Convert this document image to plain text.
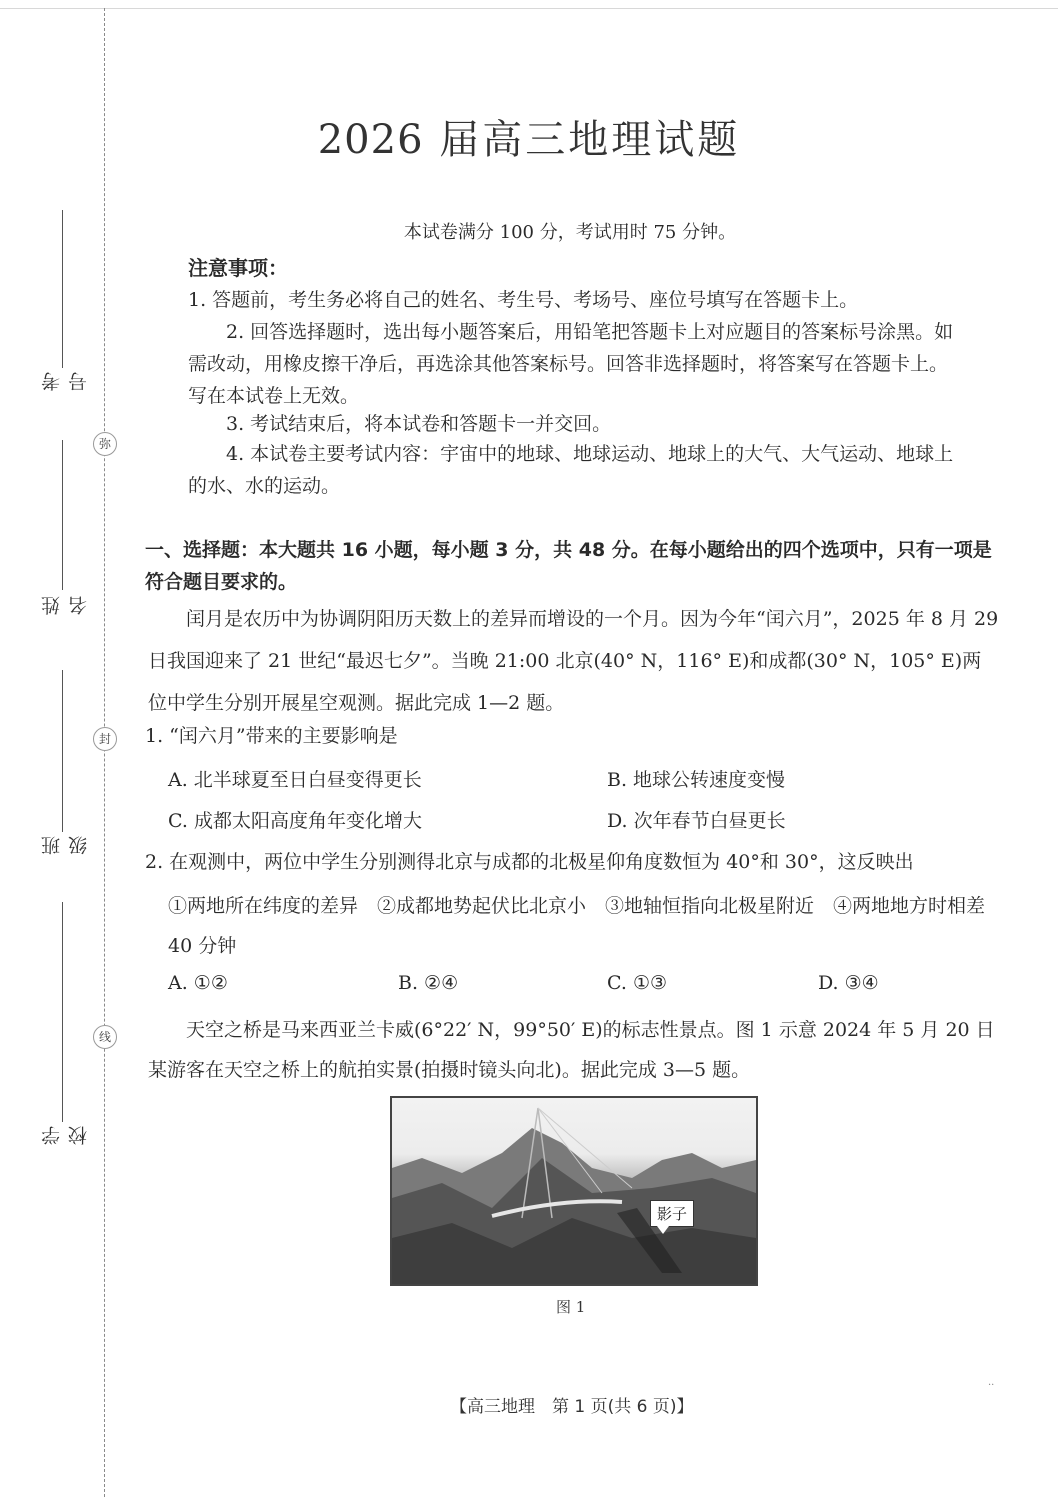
弥
封
线
考号
姓名
班级
学校
2026 届高三地理试题
本试卷满分 100 分，考试用时 75 分钟。
注意事项：
1. 答题前，考生务必将自己的姓名、考生号、考场号、座位号填写在答题卡上。
2. 回答选择题时，选出每小题答案后，用铅笔把答题卡上对应题目的答案标号涂黑。如需改动，用橡皮擦干净后，再选涂其他答案标号。回答非选择题时，将答案写在答题卡上。写在本试卷上无效。
3. 考试结束后，将本试卷和答题卡一并交回。
4. 本试卷主要考试内容：宇宙中的地球、地球运动、地球上的大气、大气运动、地球上的水、水的运动。
一、选择题：本大题共 16 小题，每小题 3 分，共 48 分。在每小题给出的四个选项中，只有一项是符合题目要求的。
闰月是农历中为协调阴阳历天数上的差异而增设的一个月。因为今年“闰六月”，2025 年 8 月 29 日我国迎来了 21 世纪“最迟七夕”。当晚 21:00 北京(40° N，116° E)和成都(30° N，105° E)两位中学生分别开展星空观测。据此完成 1—2 题。
1. “闰六月”带来的主要影响是
A. 北半球夏至日白昼变得更长	B. 地球公转速度变慢
C. 成都太阳高度角年变化增大	D. 次年春节白昼更长
2. 在观测中，两位中学生分别测得北京与成都的北极星仰角度数恒为 40°和 30°，这反映出
①两地所在纬度的差异　②成都地势起伏比北京小　③地轴恒指向北极星附近　④两地地方时相差 40 分钟
A. ①②	B. ②④	C. ①③	D. ③④
天空之桥是马来西亚兰卡威(6°22′ N，99°50′ E)的标志性景点。图 1 示意 2024 年 5 月 20 日某游客在天空之桥上的航拍实景(拍摄时镜头向北)。据此完成 3—5 题。
影子
图 1
【高三地理　第 1 页(共 6 页)】
··
